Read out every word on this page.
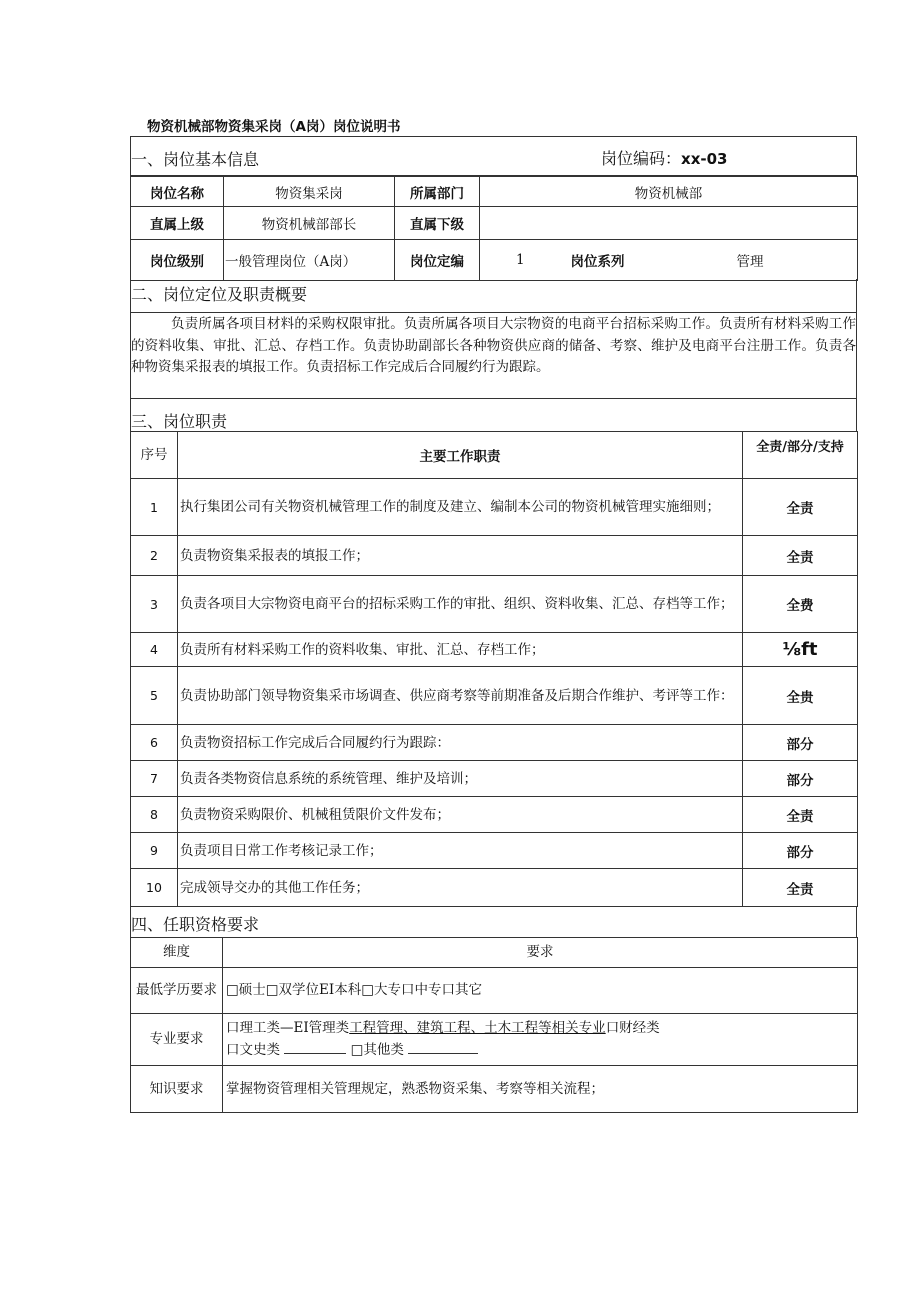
物资机械部物资集采岗（A岗）岗位说明书
一、岗位基本信息	岗位编码：xx-03
岗位名称	物资集采岗	所属部门	物资机械部	
直属上级	物资机械部部长	直属下级		
岗位级别	一般管理岗位（A岗）	岗位定编	1	岗位系列 管理
二、岗位定位及职责概要
负责所属各项目材料的采购权限审批。负责所属各项目大宗物资的电商平台招标采购工作。负责所有材料采购工作的资料收集、审批、汇总、存档工作。负责协助副部长各种物资供应商的储备、考察、维护及电商平台注册工作。负责各种物资集采报表的填报工作。负责招标工作完成后合同履约行为跟踪。
三、岗位职责
序号	主要工作职责	全责/部分/支持
1	执行集团公司有关物资机械管理工作的制度及建立、编制本公司的物资机械管理实施细则；	全责
2	负责物资集采报表的填报工作；	全责
3	负责各项目大宗物资电商平台的招标采购工作的审批、组织、资料收集、汇总、存档等工作；	全费
4	负责所有材料采购工作的资料收集、审批、汇总、存档工作；	⅛ft
5	负责协助部门领导物资集采市场调查、供应商考察等前期准备及后期合作维护、考评等工作：	全贵
6	负责物资招标工作完成后合同履约行为跟踪：	部分
7	负责各类物资信息系统的系统管理、维护及培训；	部分
8	负责物资采购限价、机械租赁限价文件发布；	全责
9	负责项目日常工作考核记录工作；	部分
10	完成领导交办的其他工作任务；	全责
四、任职资格要求
维度	要求
最低学历要求	□硕士□双学位EI本科□大专口中专口其它
专业要求	口理工类—EI管理类工程管理、建筑工程、土木工程等相关专业口财经类
口文史类 □其他类

知识要求	掌握物资管理相关管理规定，熟悉物资采集、考察等相关流程；
